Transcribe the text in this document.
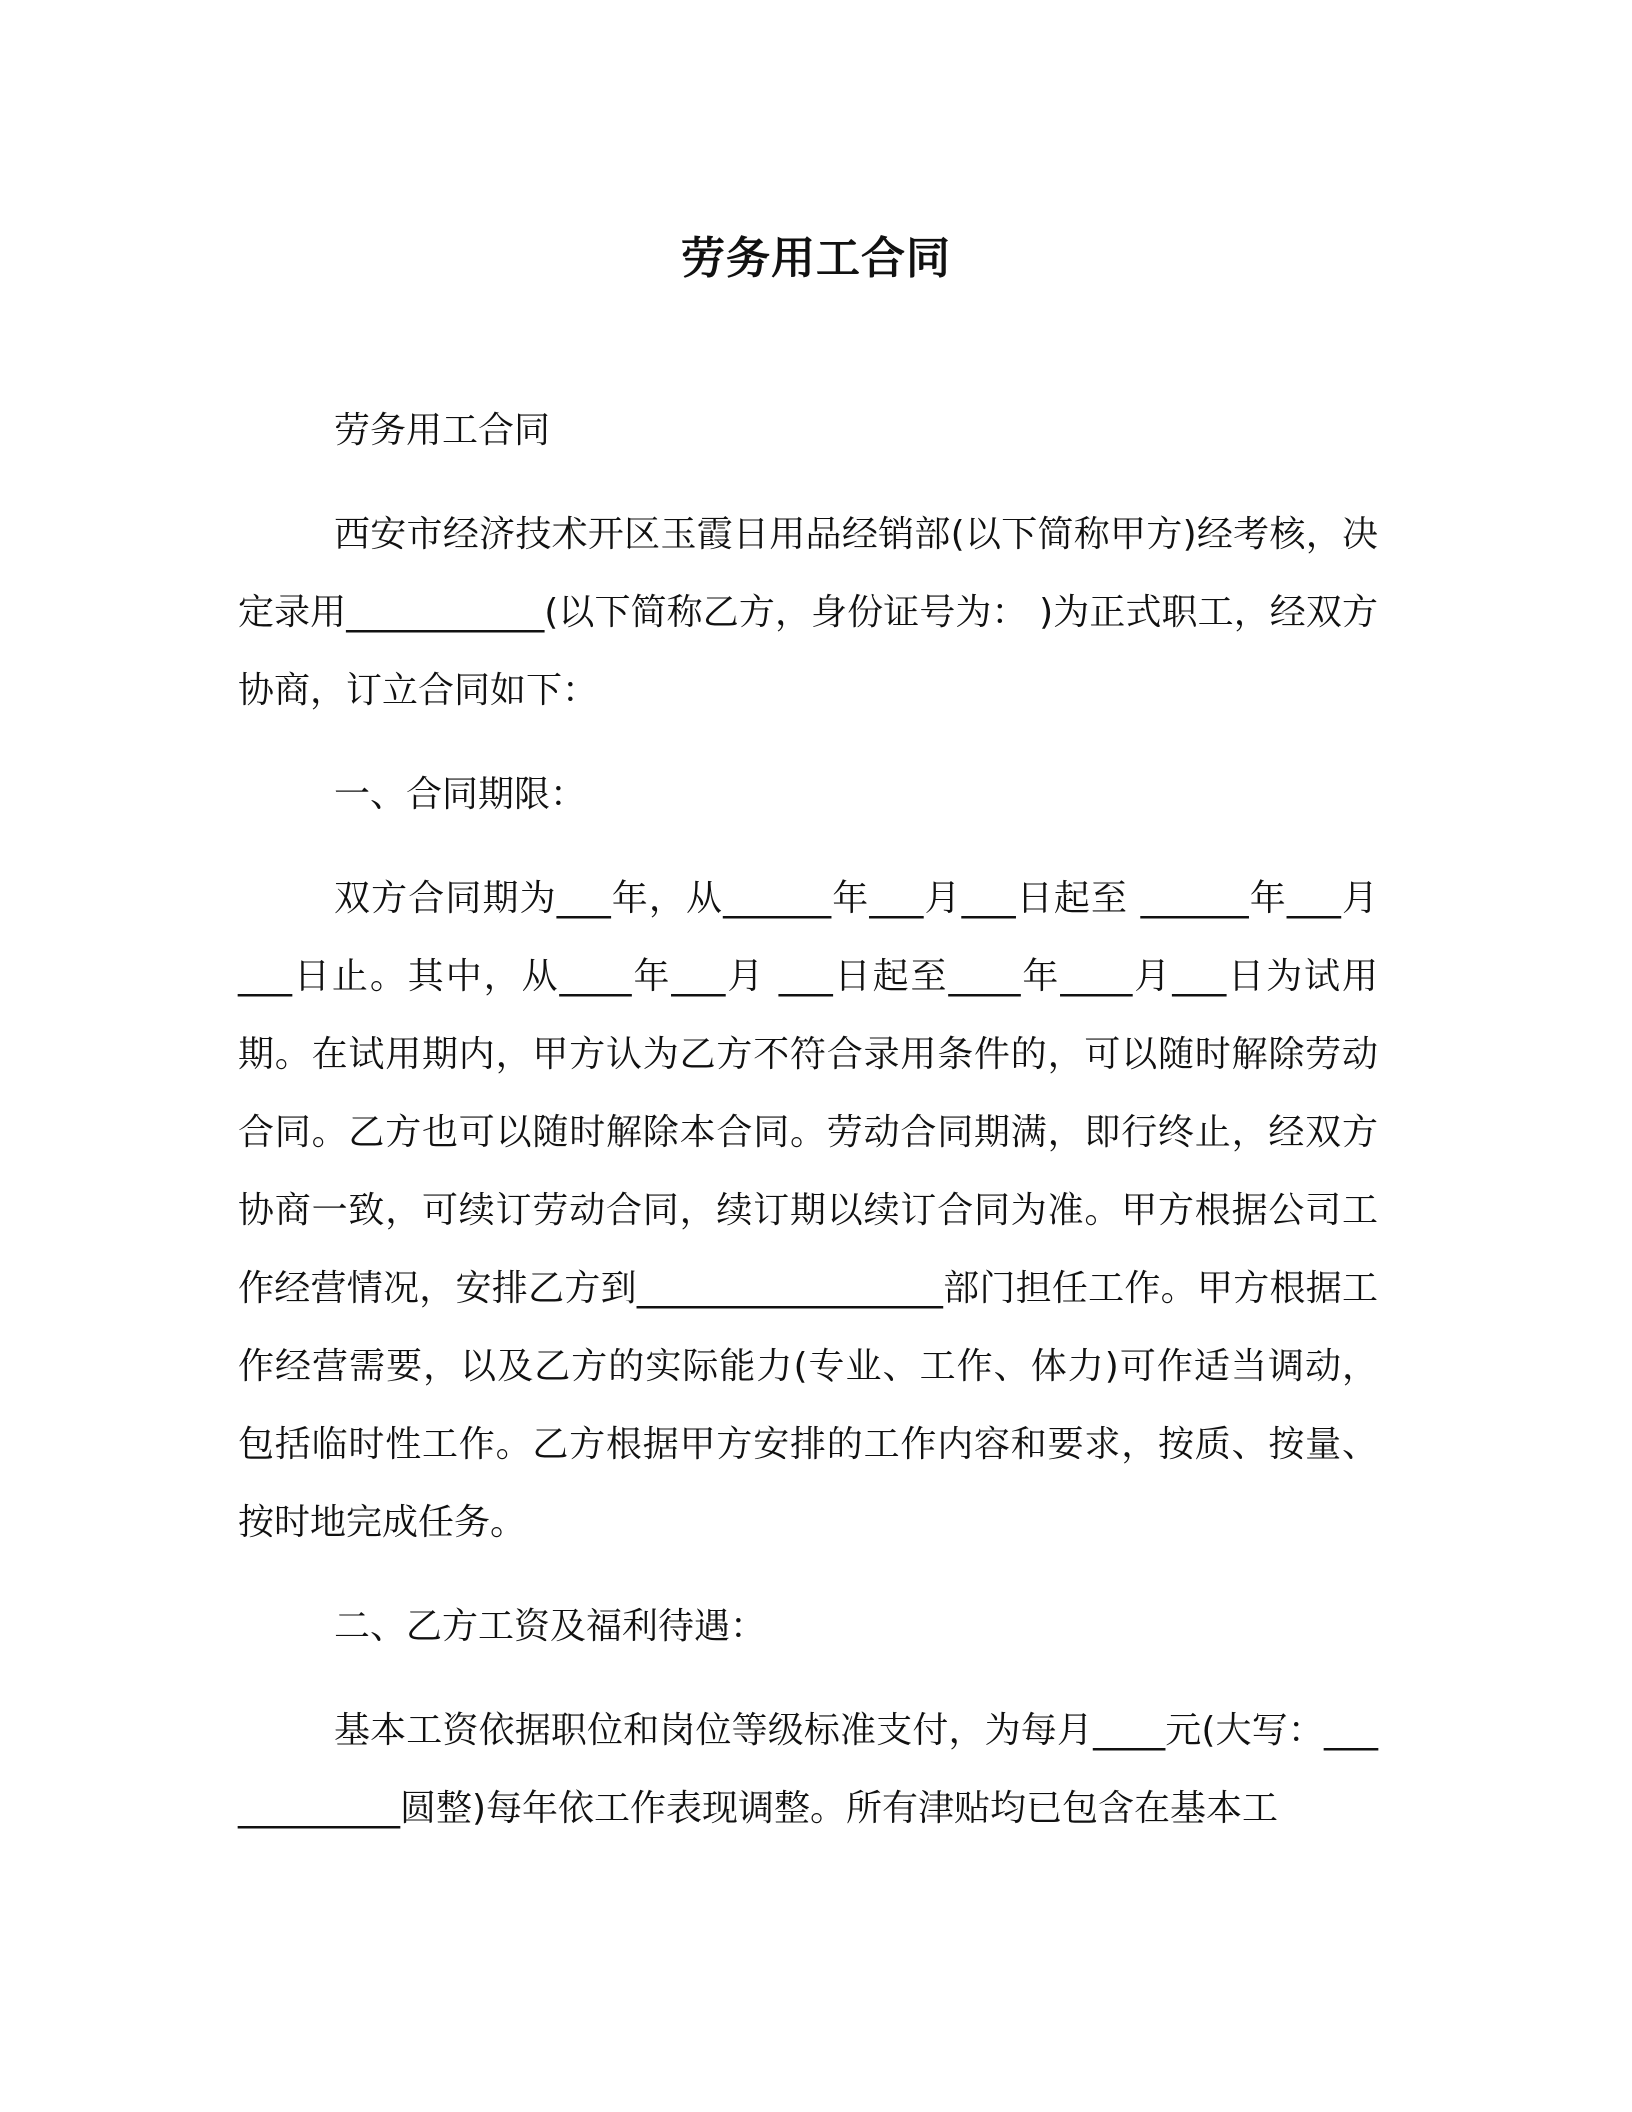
劳务用工合同

劳务用工合同

西安市经济技术开区玉霞日用品经销部(以下简称甲方)经考核，决定录用___________(以下简称乙方，身份证号为： )为正式职工，经双方协商，订立合同如下：

一、合同期限：

双方合同期为___年，从______年___月___日起至 ______年___月 ___日止。其中，从____年___月 ___日起至____年____月___日为试用期。在试用期内，甲方认为乙方不符合录用条件的，可以随时解除劳动合同。乙方也可以随时解除本合同。劳动合同期满，即行终止，经双方协商一致，可续订劳动合同，续订期以续订合同为准。甲方根据公司工作经营情况，安排乙方到_________________部门担任工作。甲方根据工作经营需要，以及乙方的实际能力(专业、工作、体力)可作适当调动，包括临时性工作。乙方根据甲方安排的工作内容和要求，按质、按量、按时地完成任务。

二、乙方工资及福利待遇：

基本工资依据职位和岗位等级标准支付，为每月____元(大写：____________圆整)每年依工作表现调整。所有津贴均已包含在基本工
